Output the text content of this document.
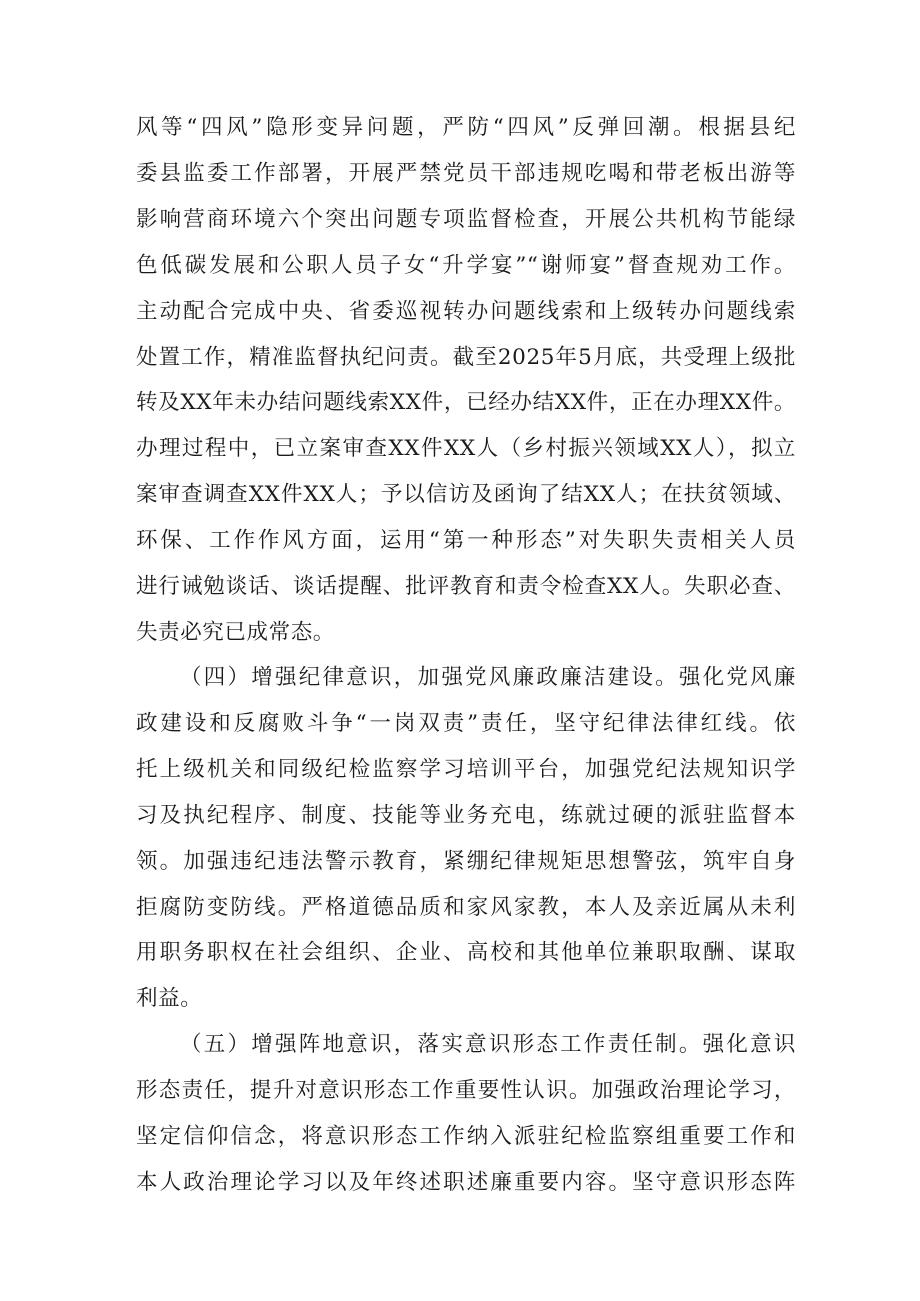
风等“四风”隐形变异问题，严防“四风”反弹回潮。根据县纪
委县监委工作部署，开展严禁党员干部违规吃喝和带老板出游等
影响营商环境六个突出问题专项监督检查，开展公共机构节能绿
色低碳发展和公职人员子女“升学宴”“谢师宴”督查规劝工作。
主动配合完成中央、省委巡视转办问题线索和上级转办问题线索
处置工作，精准监督执纪问责。截至2025年5月底，共受理上级批
转及XX年未办结问题线索XX件，已经办结XX件，正在办理XX件。
办理过程中，已立案审查XX件XX人（乡村振兴领域XX人），拟立
案审查调查XX件XX人；予以信访及函询了结XX人；在扶贫领域、
环保、工作作风方面，运用“第一种形态”对失职失责相关人员
进行诫勉谈话、谈话提醒、批评教育和责令检查XX人。失职必查、
失责必究已成常态。
（四）增强纪律意识，加强党风廉政廉洁建设。强化党风廉
政建设和反腐败斗争“一岗双责”责任，坚守纪律法律红线。依
托上级机关和同级纪检监察学习培训平台，加强党纪法规知识学
习及执纪程序、制度、技能等业务充电，练就过硬的派驻监督本
领。加强违纪违法警示教育，紧绷纪律规矩思想警弦，筑牢自身
拒腐防变防线。严格道德品质和家风家教，本人及亲近属从未利
用职务职权在社会组织、企业、高校和其他单位兼职取酬、谋取
利益。
（五）增强阵地意识，落实意识形态工作责任制。强化意识
形态责任，提升对意识形态工作重要性认识。加强政治理论学习，
坚定信仰信念，将意识形态工作纳入派驻纪检监察组重要工作和
本人政治理论学习以及年终述职述廉重要内容。坚守意识形态阵
